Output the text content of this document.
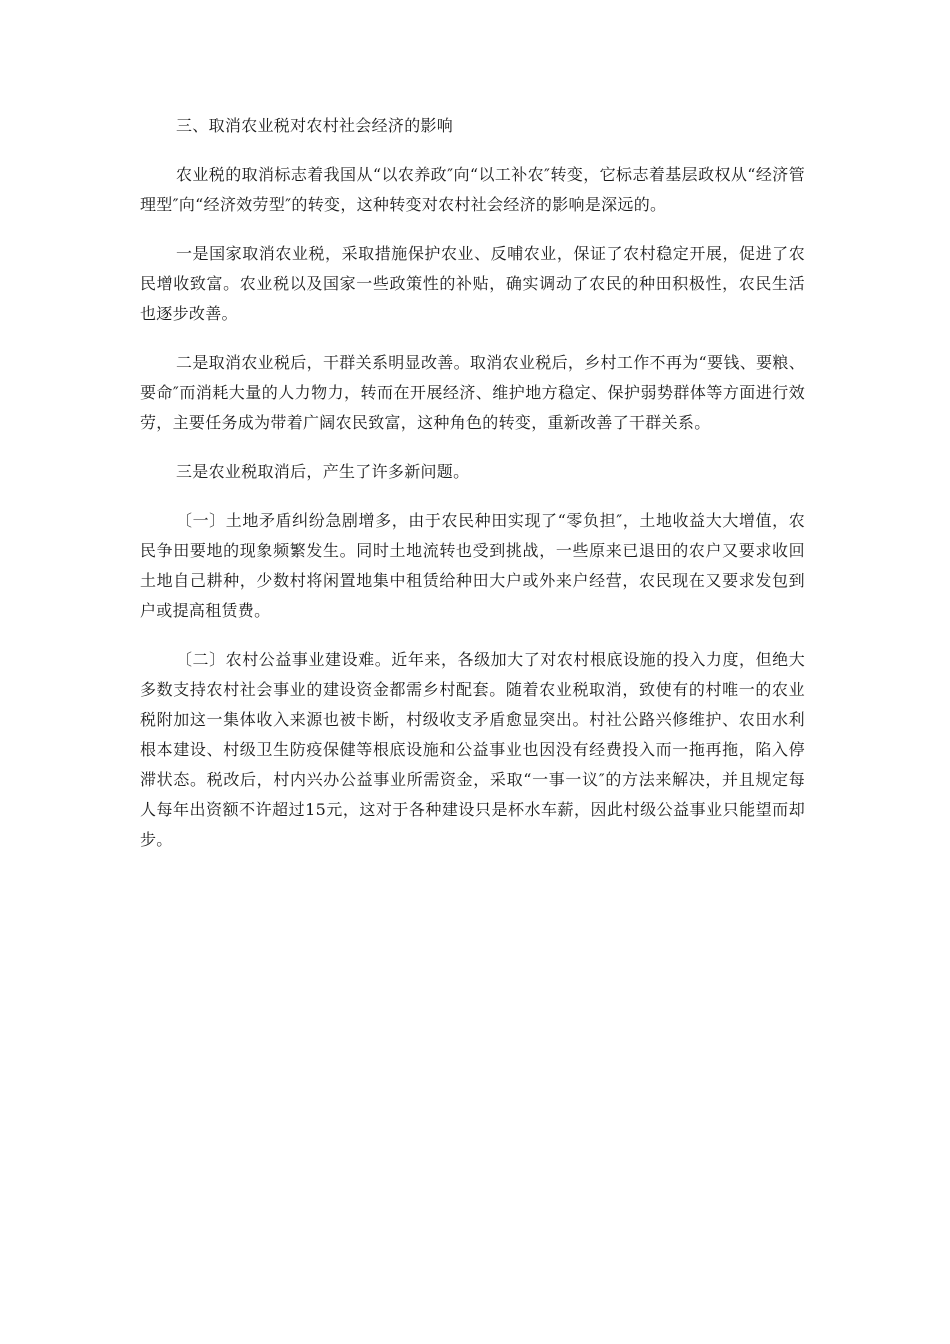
三、取消农业税对农村社会经济的影响

农业税的取消标志着我国从“以农养政″向“以工补农″转变，它标志着基层政权从“经济管理型″向“经济效劳型″的转变，这种转变对农村社会经济的影响是深远的。

一是国家取消农业税，采取措施保护农业、反哺农业，保证了农村稳定开展，促进了农民增收致富。农业税以及国家一些政策性的补贴，确实调动了农民的种田积极性，农民生活也逐步改善。

二是取消农业税后，干群关系明显改善。取消农业税后，乡村工作不再为“要钱、要粮、要命″而消耗大量的人力物力，转而在开展经济、维护地方稳定、保护弱势群体等方面进行效劳，主要任务成为带着广阔农民致富，这种角色的转变，重新改善了干群关系。

三是农业税取消后，产生了许多新问题。

〔一〕土地矛盾纠纷急剧增多，由于农民种田实现了“零负担″，土地收益大大增值，农民争田要地的现象频繁发生。同时土地流转也受到挑战，一些原来已退田的农户又要求收回土地自己耕种，少数村将闲置地集中租赁给种田大户或外来户经营，农民现在又要求发包到户或提高租赁费。

〔二〕农村公益事业建设难。近年来，各级加大了对农村根底设施的投入力度，但绝大多数支持农村社会事业的建设资金都需乡村配套。随着农业税取消，致使有的村唯一的农业税附加这一集体收入来源也被卡断，村级收支矛盾愈显突出。村社公路兴修维护、农田水利根本建设、村级卫生防疫保健等根底设施和公益事业也因没有经费投入而一拖再拖，陷入停滞状态。税改后，村内兴办公益事业所需资金，采取“一事一议″的方法来解决，并且规定每人每年出资额不许超过15元，这对于各种建设只是杯水车薪，因此村级公益事业只能望而却步。
